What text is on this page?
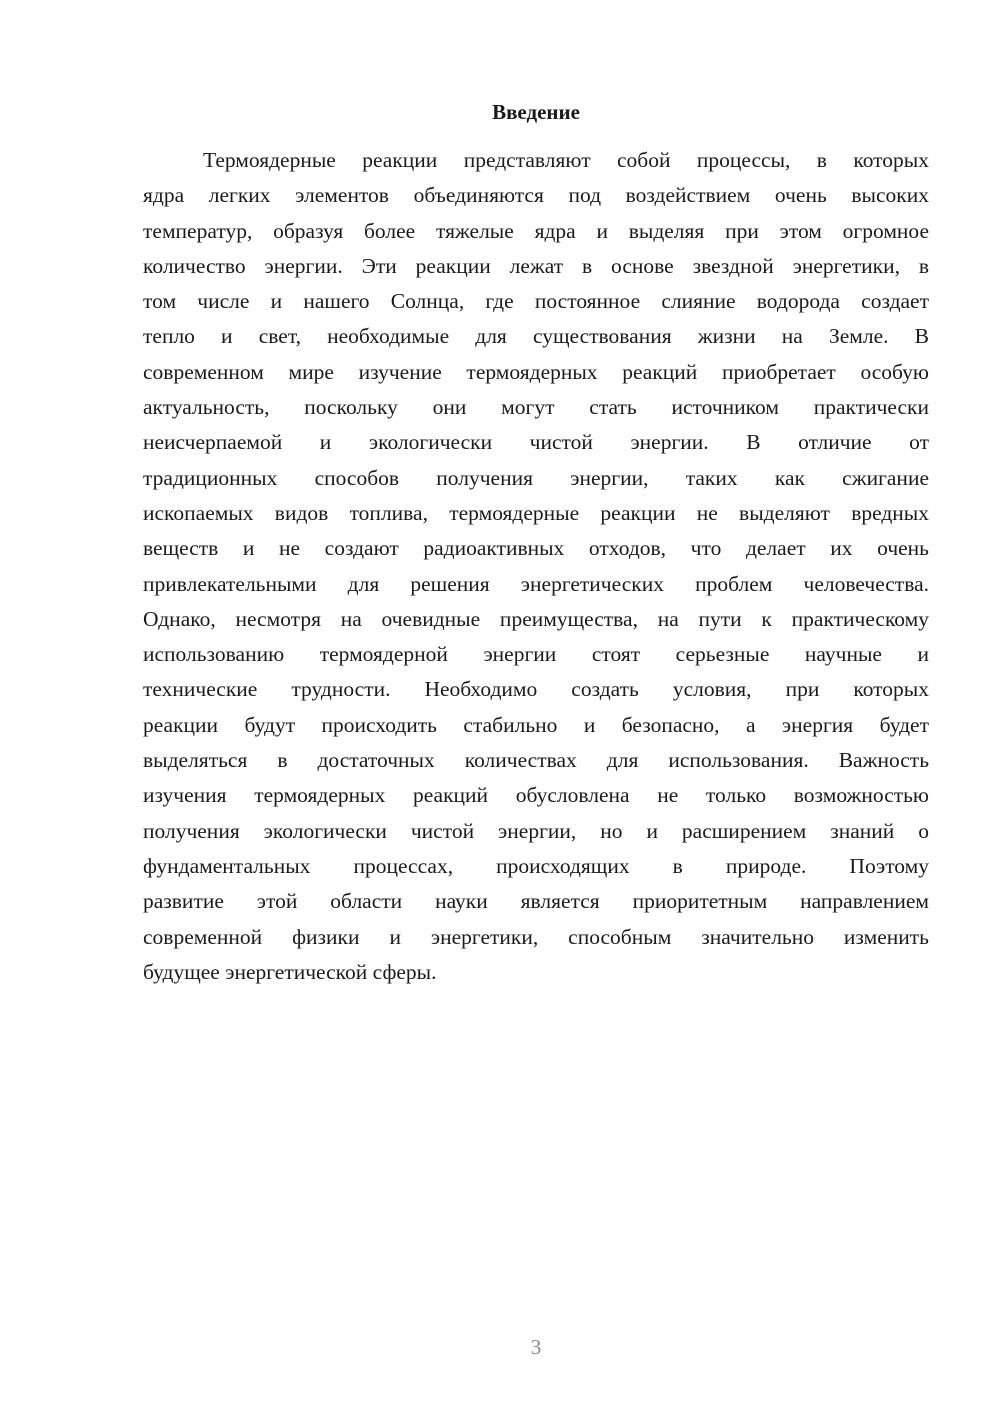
Введение
Термоядерные реакции представляют собой процессы, в которых
ядра легких элементов объединяются под воздействием очень высоких
температур, образуя более тяжелые ядра и выделяя при этом огромное
количество энергии. Эти реакции лежат в основе звездной энергетики, в
том числе и нашего Солнца, где постоянное слияние водорода создает
тепло и свет, необходимые для существования жизни на Земле. В
современном мире изучение термоядерных реакций приобретает особую
актуальность, поскольку они могут стать источником практически
неисчерпаемой и экологически чистой энергии. В отличие от
традиционных способов получения энергии, таких как сжигание
ископаемых видов топлива, термоядерные реакции не выделяют вредных
веществ и не создают радиоактивных отходов, что делает их очень
привлекательными для решения энергетических проблем человечества.
Однако, несмотря на очевидные преимущества, на пути к практическому
использованию термоядерной энергии стоят серьезные научные и
технические трудности. Необходимо создать условия, при которых
реакции будут происходить стабильно и безопасно, а энергия будет
выделяться в достаточных количествах для использования. Важность
изучения термоядерных реакций обусловлена не только возможностью
получения экологически чистой энергии, но и расширением знаний о
фундаментальных процессах, происходящих в природе. Поэтому
развитие этой области науки является приоритетным направлением
современной физики и энергетики, способным значительно изменить
будущее энергетической сферы.
3
